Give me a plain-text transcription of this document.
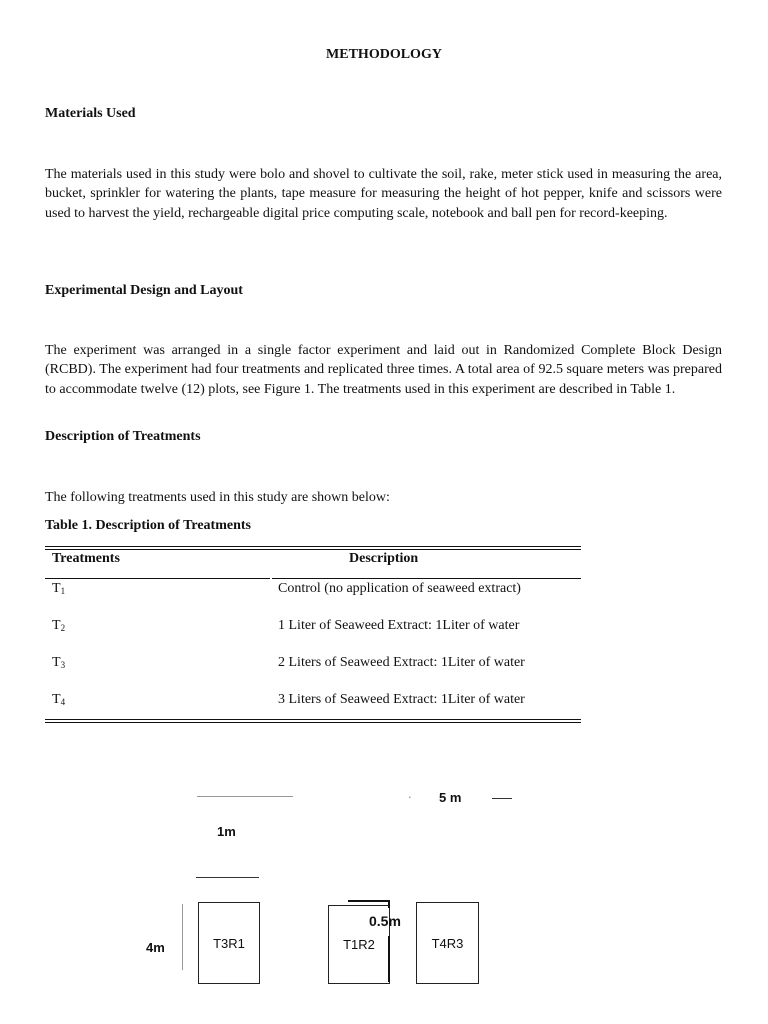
METHODOLOGY
Materials Used
The materials used in this study were bolo and shovel to cultivate the soil, rake, meter stick used in measuring the area, bucket, sprinkler for watering the plants, tape measure for measuring the height of hot pepper, knife and scissors were used to harvest the yield, rechargeable digital price computing scale, notebook and ball pen for record-keeping.
Experimental Design and Layout
The experiment was arranged in a single factor experiment and laid out in Randomized Complete Block Design (RCBD). The experiment had four treatments and replicated three times. A total area of 92.5 square meters was prepared to accommodate twelve (12) plots, see Figure 1. The treatments used in this experiment are described in Table 1.
Description of Treatments
The following treatments used in this study are shown below:
Table 1. Description of Treatments
Treatments	Description
$T_1$	Control (no application of seaweed extract)
$T_2$	1 Liter of Seaweed Extract: 1Liter of water
$T_3$	2 Liters of Seaweed Extract: 1Liter of water
$T_4$	3 Liters of Seaweed Extract: 1Liter of water
. 5 m
1m
4m	T3R1	T1R2	T4R3
0.5m
